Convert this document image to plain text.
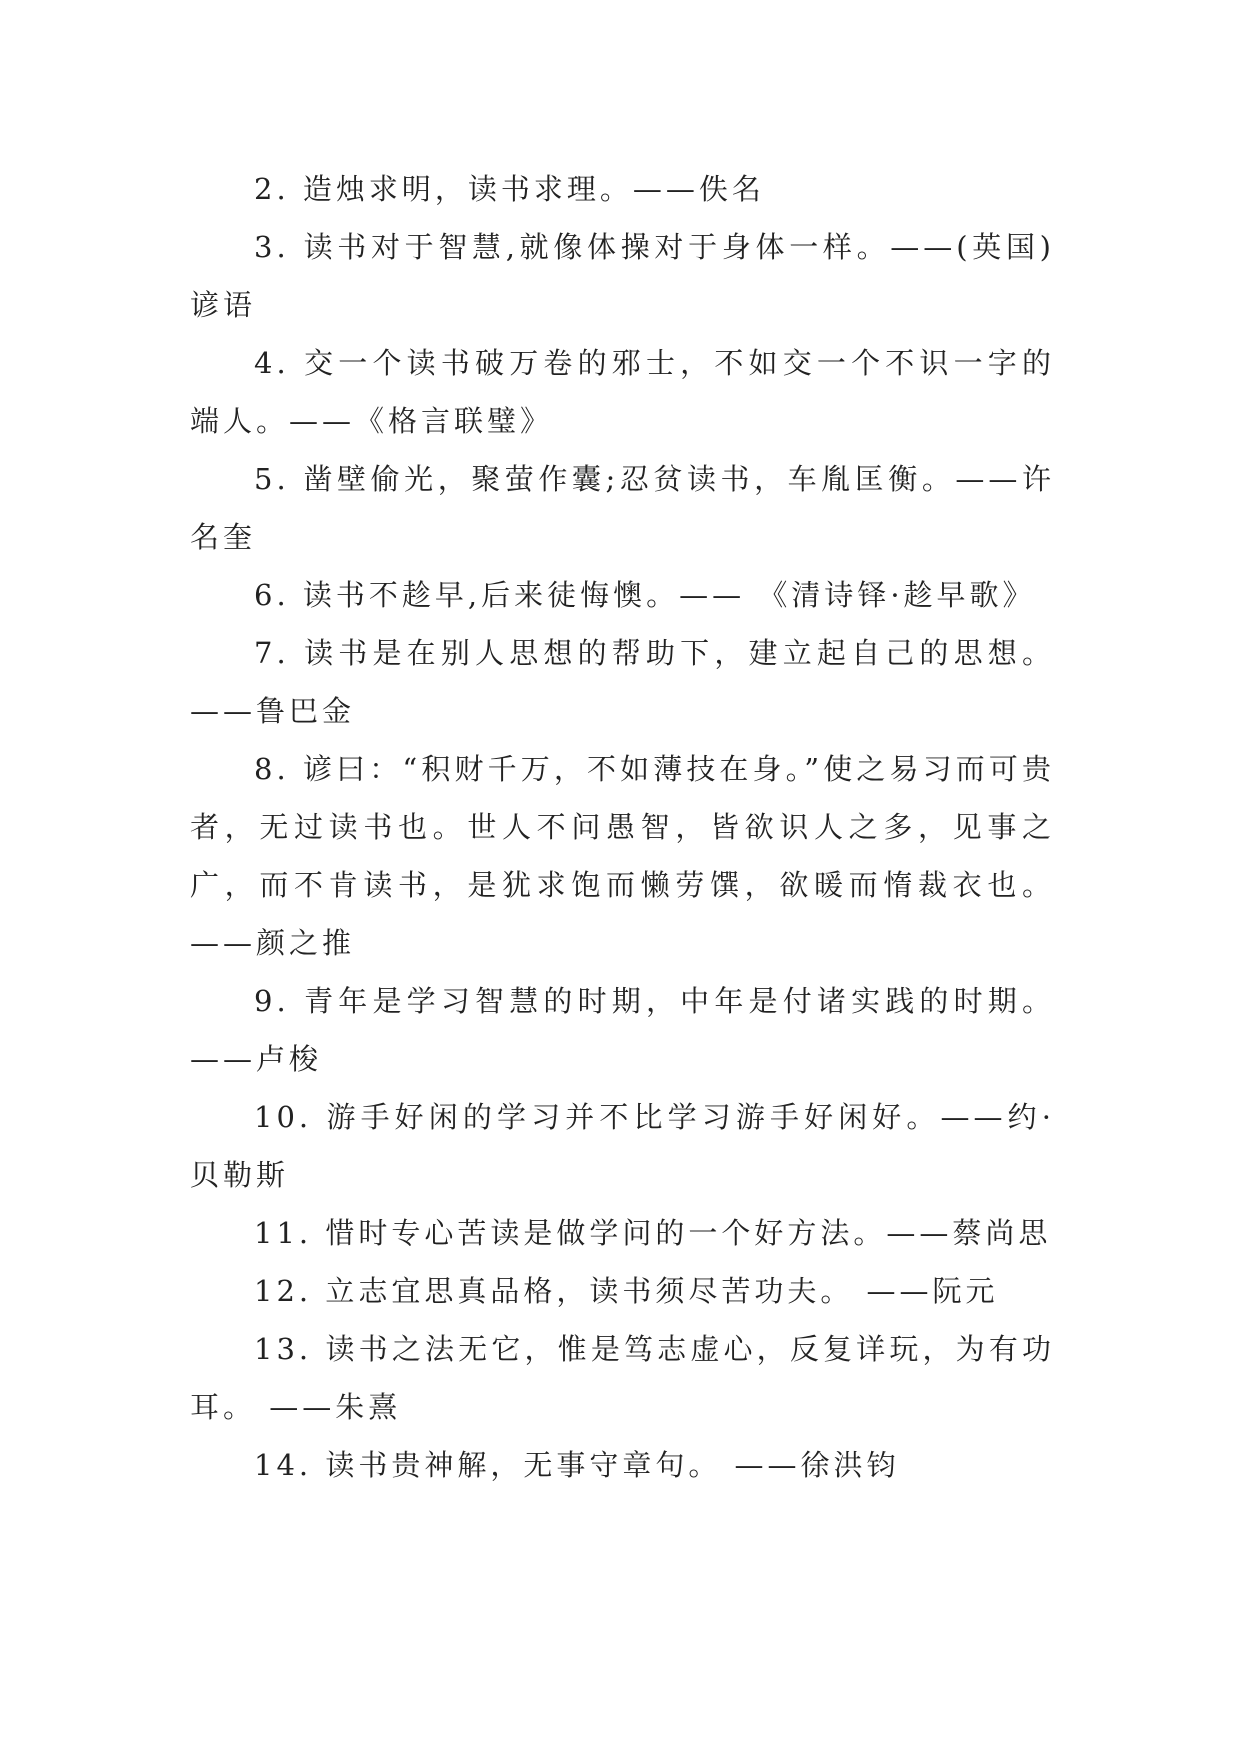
2. 造烛求明，读书求理。——佚名

3. 读书对于智慧,就像体操对于身体一样。——(英国)谚语

4. 交一个读书破万卷的邪士，不如交一个不识一字的端人。——《格言联璧》

5. 凿壁偷光，聚萤作囊;忍贫读书，车胤匡衡。——许名奎

6. 读书不趁早,后来徒悔懊。—— 《清诗铎·趁早歌》

7. 读书是在别人思想的帮助下，建立起自己的思想。——鲁巴金

8. 谚曰：“积财千万，不如薄技在身。”使之易习而可贵者，无过读书也。世人不问愚智，皆欲识人之多，见事之广，而不肯读书，是犹求饱而懒劳馔，欲暖而惰裁衣也。——颜之推

9. 青年是学习智慧的时期，中年是付诸实践的时期。——卢梭

10. 游手好闲的学习并不比学习游手好闲好。——约·贝勒斯

11. 惜时专心苦读是做学问的一个好方法。——蔡尚思

12. 立志宜思真品格，读书须尽苦功夫。 ——阮元

13. 读书之法无它，惟是笃志虚心，反复详玩，为有功耳。 ——朱熹

14. 读书贵神解，无事守章句。 ——徐洪钧
